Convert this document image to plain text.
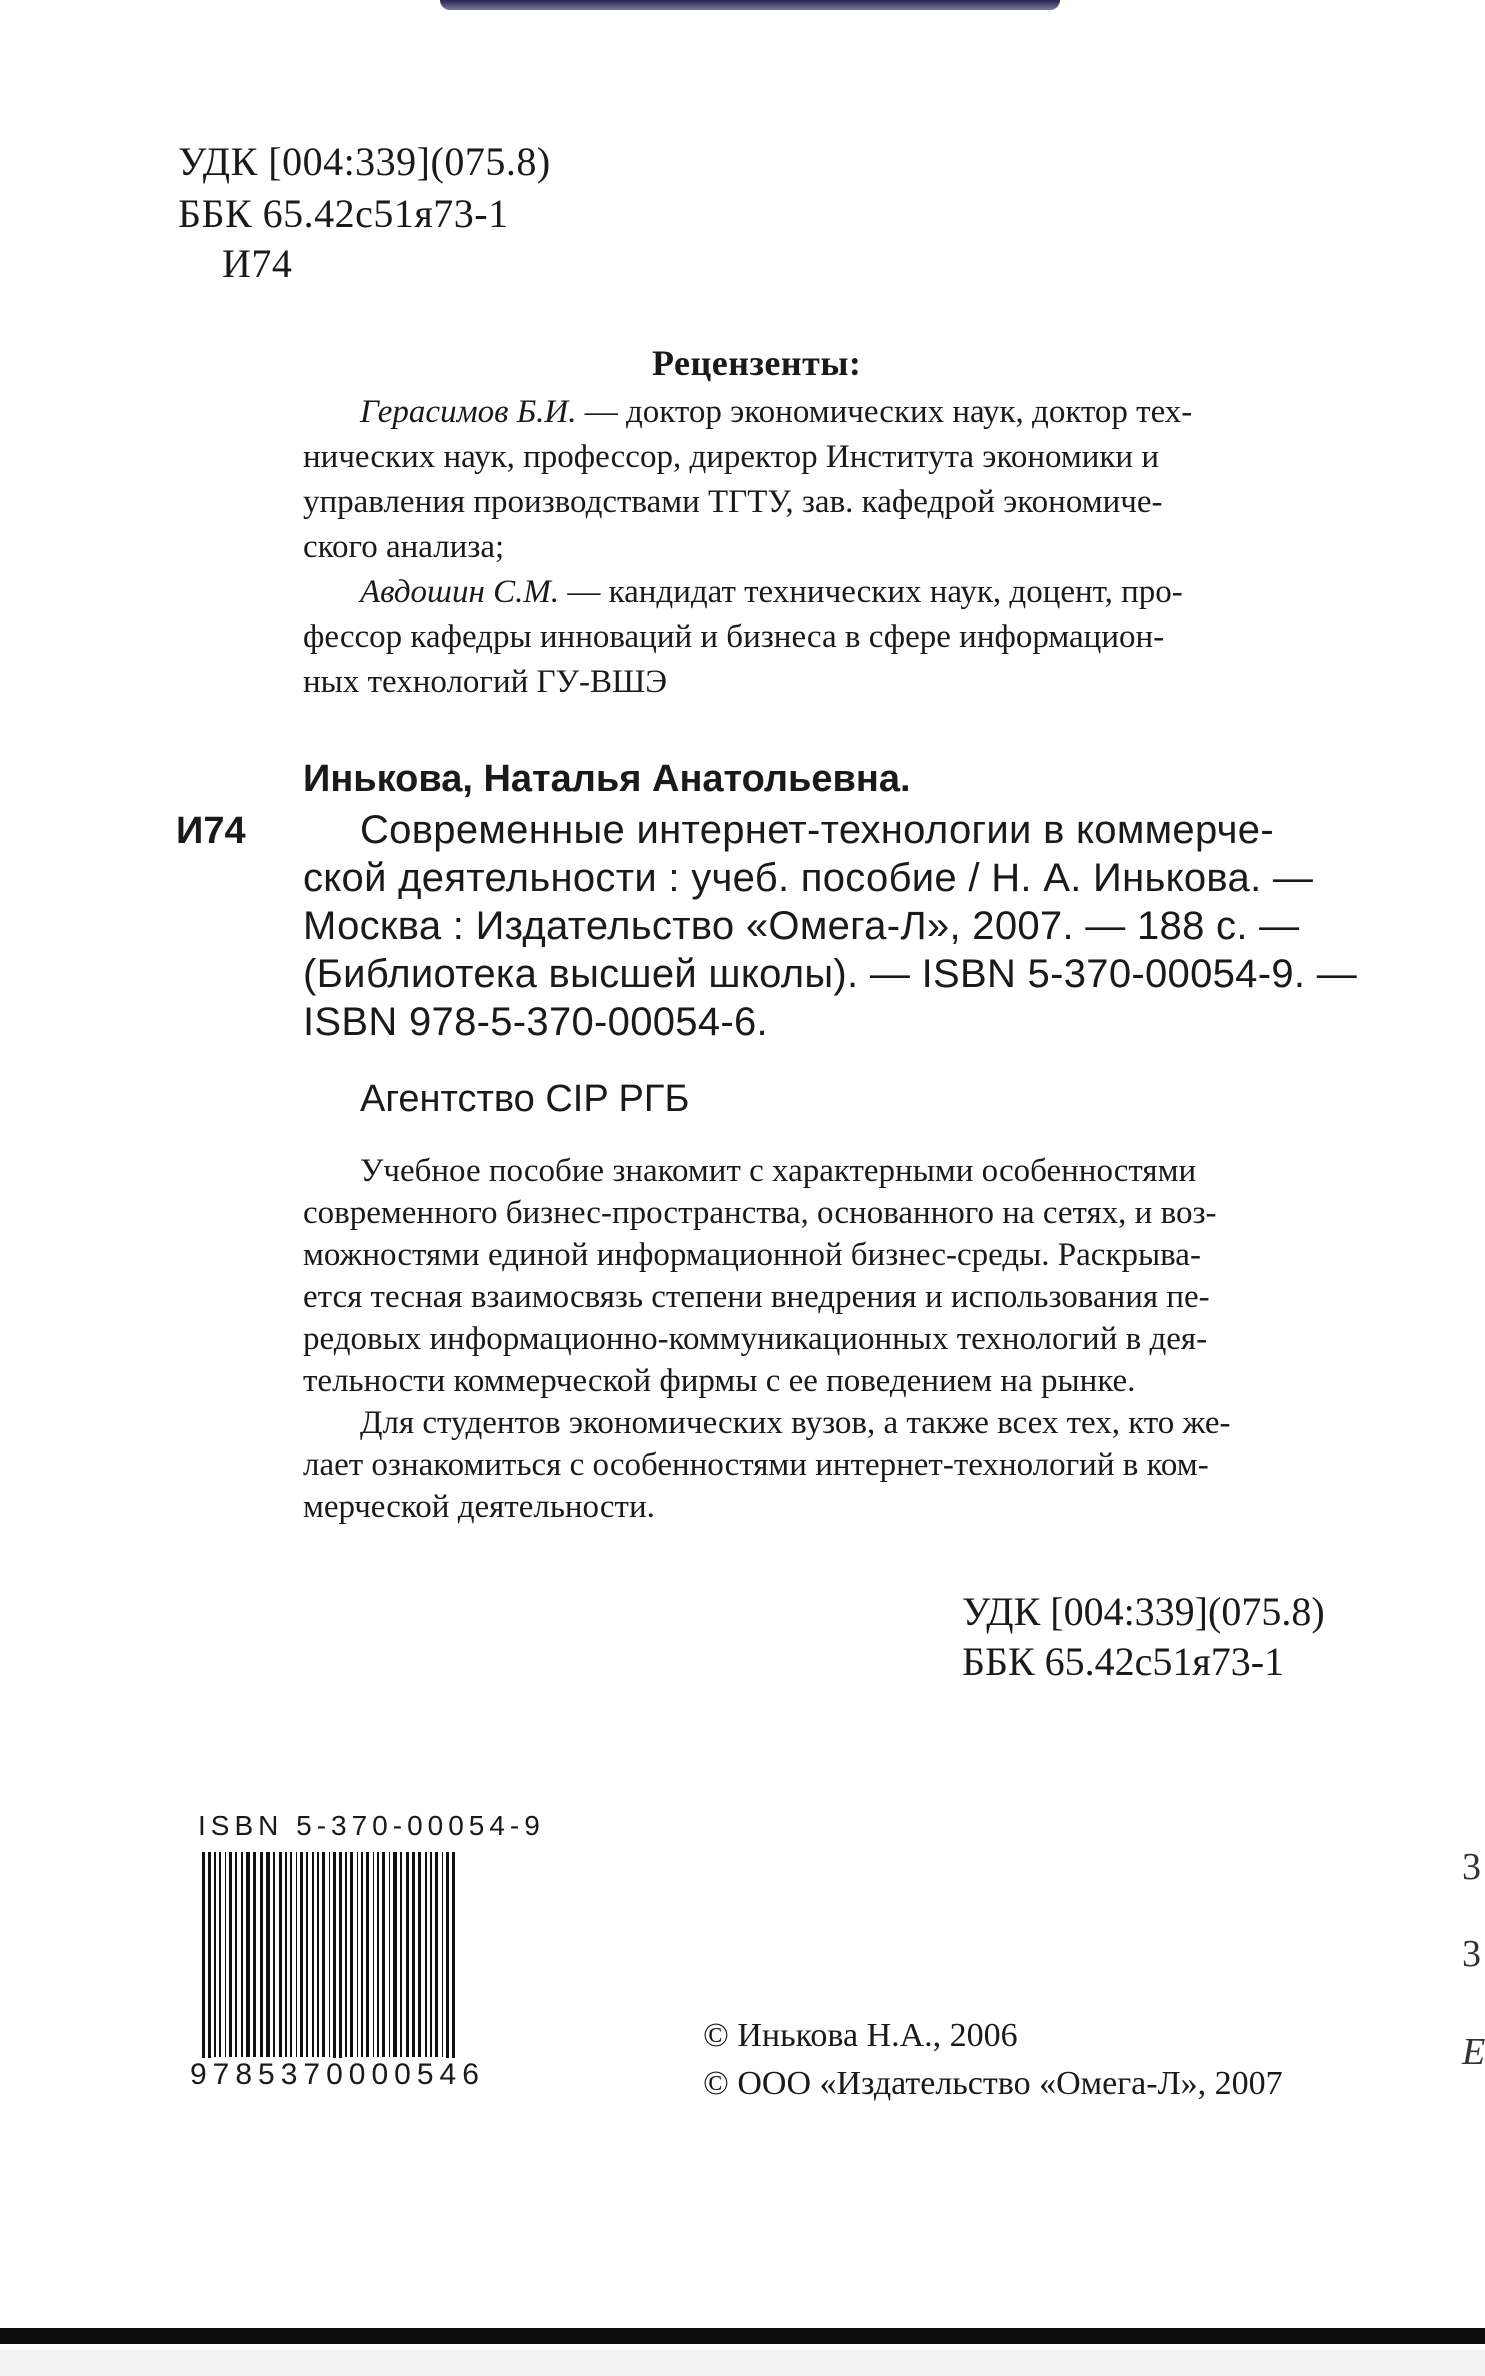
УДК [004:339](075.8)
ББК 65.42с51я73-1
И74
Рецензенты:
Герасимов Б.И. — доктор экономических наук, доктор тех-
нических наук, профессор, директор Института экономики и
управления производствами ТГТУ, зав. кафедрой экономиче-
ского анализа;
Авдошин С.М. — кандидат технических наук, доцент, про-
фессор кафедры инноваций и бизнеса в сфере информацион-
ных технологий ГУ-ВШЭ
Инькова, Наталья Анатольевна.
И74	Современные интернет-технологии в коммерче-
ской деятельности : учеб. пособие / Н. А. Инькова. —
Москва : Издательство «Омега-Л», 2007. — 188 с. —
(Библиотека высшей школы). — ISBN 5-370-00054-9. —
ISBN 978-5-370-00054-6.
Агентство CIP РГБ
Учебное пособие знакомит с характерными особенностями
современного бизнес-пространства, основанного на сетях, и воз-
можностями единой информационной бизнес-среды. Раскрыва-
ется тесная взаимосвязь степени внедрения и использования пе-
редовых информационно-коммуникационных технологий в дея-
тельности коммерческой фирмы с ее поведением на рынке.
Для студентов экономических вузов, а также всех тех, кто же-
лает ознакомиться с особенностями интернет-технологий в ком-
мерческой деятельности.
УДК [004:339](075.8)
ББК 65.42с51я73-1
ISBN 5-370-00054-9
9785370000546
© Инькова Н.А., 2006
© ООО «Издательство «Омега-Л», 2007
3
3
E
